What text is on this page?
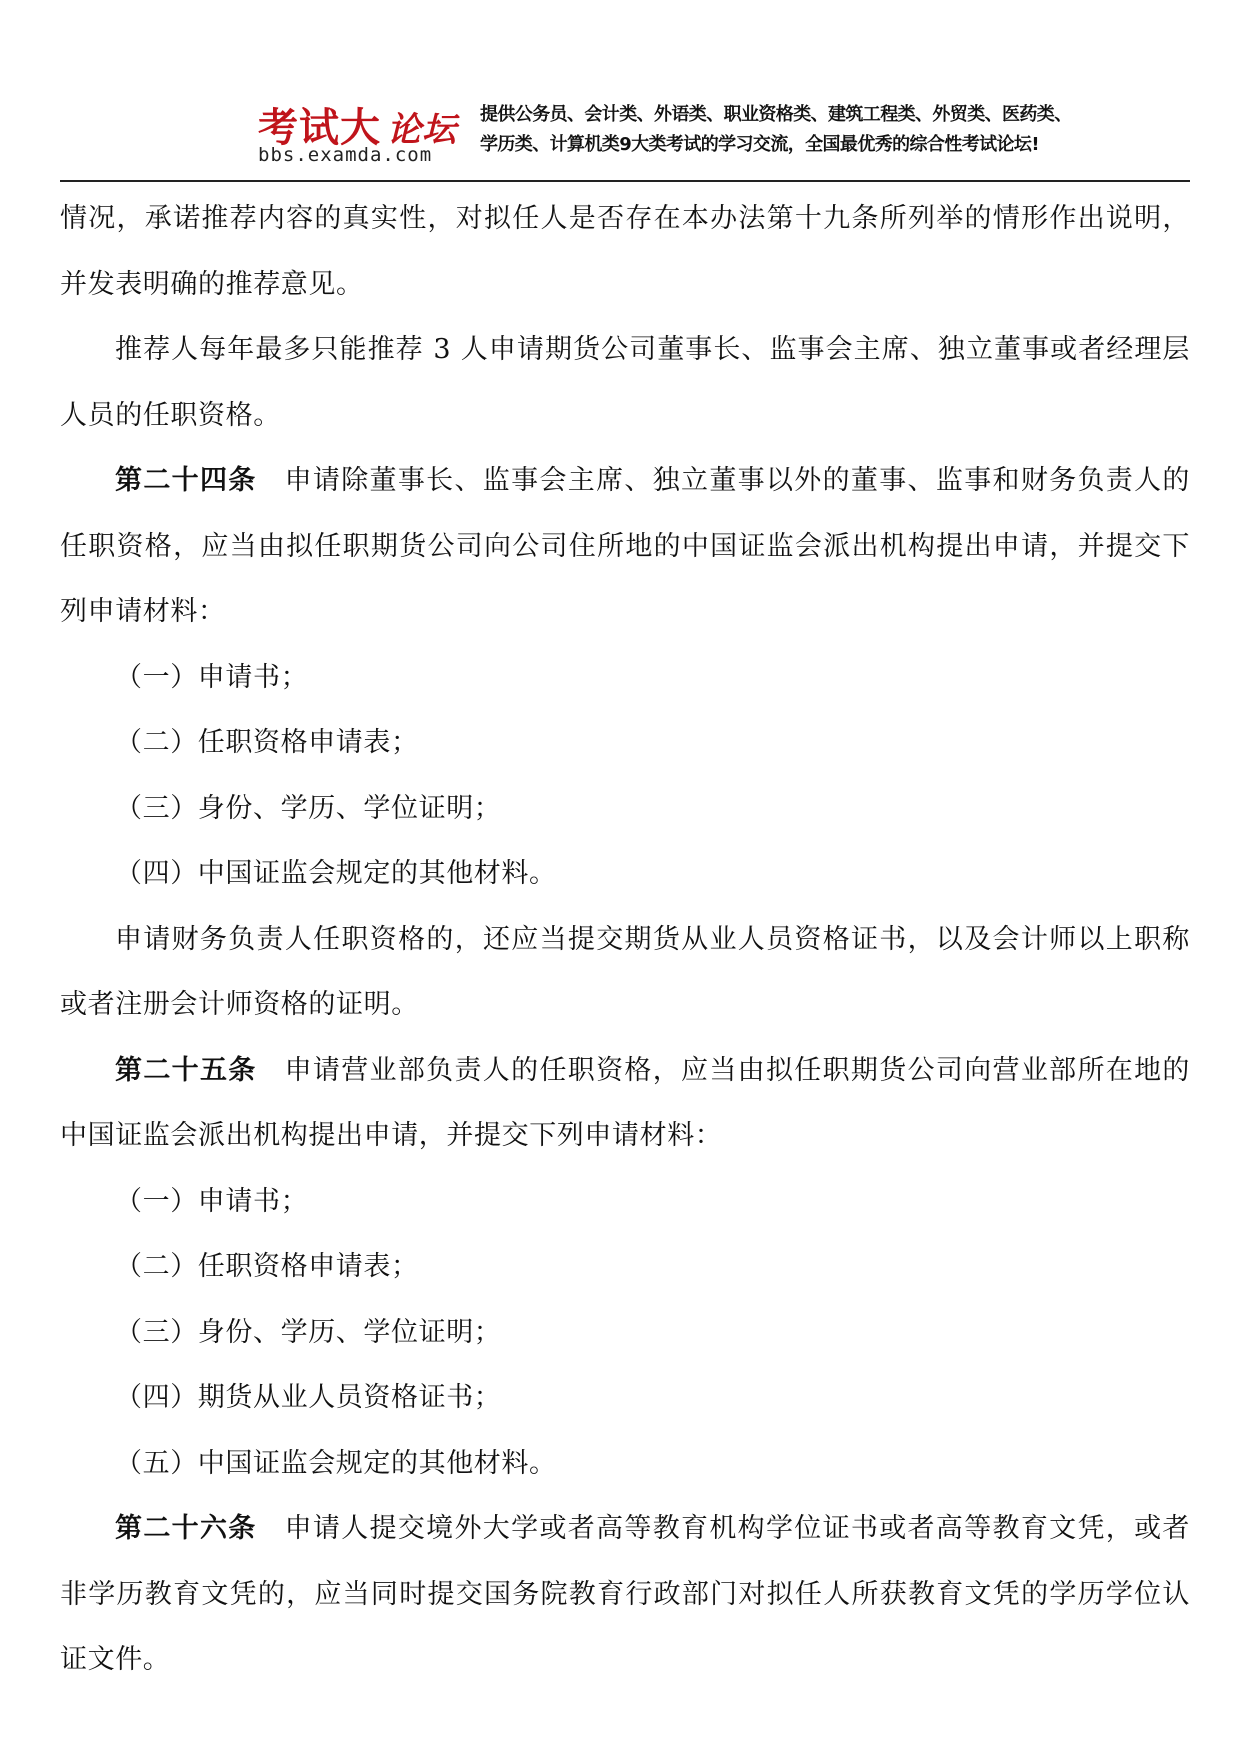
考试大 论坛
bbs.examda.com
提供公务员、会计类、外语类、职业资格类、建筑工程类、外贸类、医药类、
学历类、计算机类9大类考试的学习交流，全国最优秀的综合性考试论坛!

情况，承诺推荐内容的真实性，对拟任人是否存在本办法第十九条所列举的情形作出说明，并发表明确的推荐意见。

推荐人每年最多只能推荐 3 人申请期货公司董事长、监事会主席、独立董事或者经理层人员的任职资格。

第二十四条 申请除董事长、监事会主席、独立董事以外的董事、监事和财务负责人的任职资格，应当由拟任职期货公司向公司住所地的中国证监会派出机构提出申请，并提交下列申请材料：

（一）申请书；

（二）任职资格申请表；

（三）身份、学历、学位证明；

（四）中国证监会规定的其他材料。

申请财务负责人任职资格的，还应当提交期货从业人员资格证书，以及会计师以上职称或者注册会计师资格的证明。

第二十五条 申请营业部负责人的任职资格，应当由拟任职期货公司向营业部所在地的中国证监会派出机构提出申请，并提交下列申请材料：

（一）申请书；

（二）任职资格申请表；

（三）身份、学历、学位证明；

（四）期货从业人员资格证书；

（五）中国证监会规定的其他材料。

第二十六条 申请人提交境外大学或者高等教育机构学位证书或者高等教育文凭，或者非学历教育文凭的，应当同时提交国务院教育行政部门对拟任人所获教育文凭的学历学位认证文件。
